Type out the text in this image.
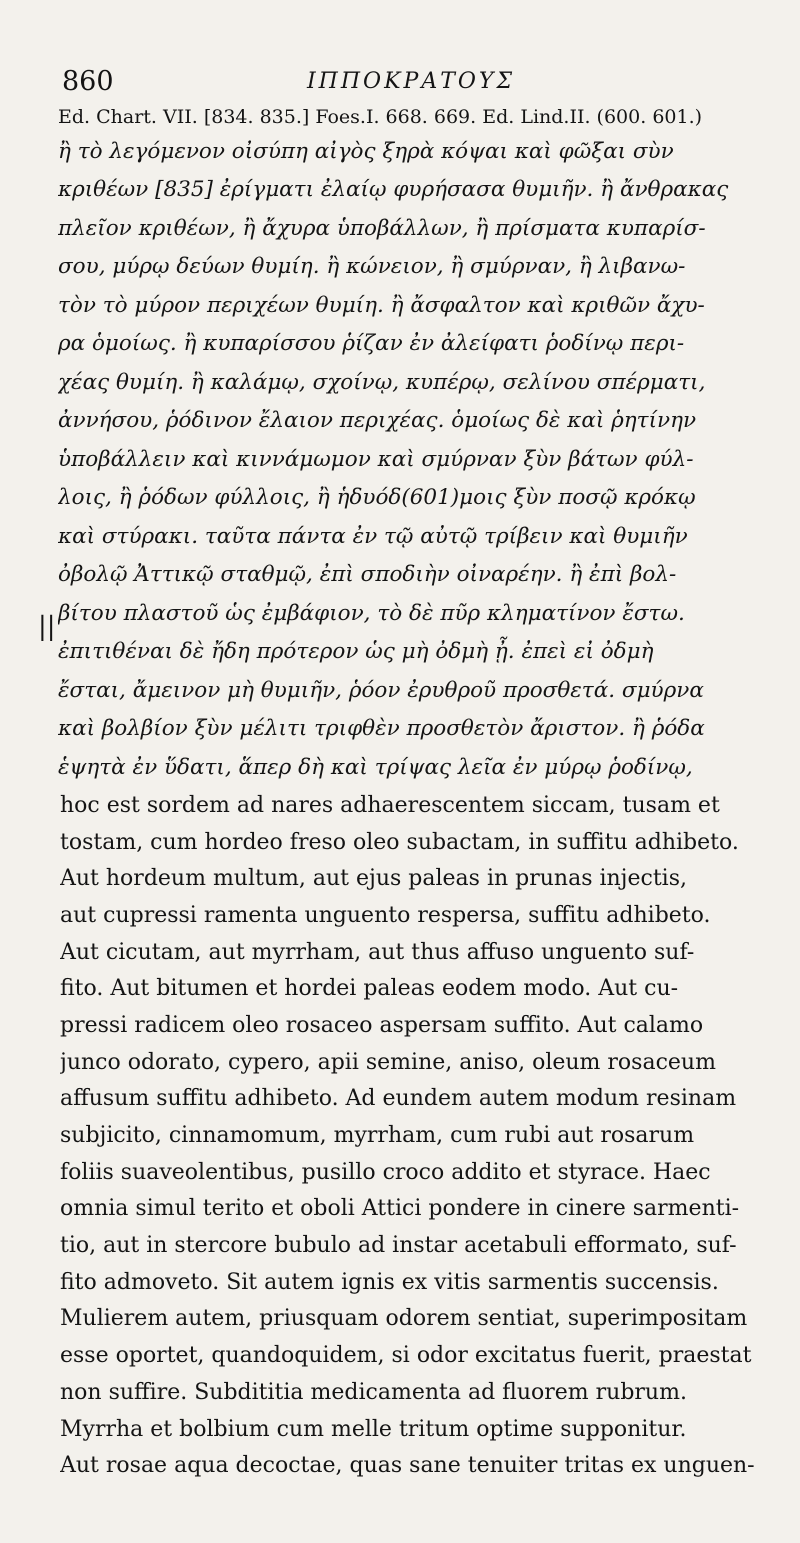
860	ΙΠΠΟΚΡΑΤΟΥΣ
Ed. Chart. VII. [834. 835.] Foes.I. 668. 669. Ed. Lind.II. (600. 601.)
ἢ τὸ λεγόμενον οἰσύπη αἰγὸς ξηρὰ κόψαι καὶ φῶξαι σὺν
κριθέων [835] ἐρίγματι ἐλαίῳ φυρήσασα θυμιῆν. ἢ ἄνθρακας
πλεῖον κριθέων, ἢ ἄχυρα ὑποβάλλων, ἢ πρίσματα κυπαρίσ-
σου, μύρῳ δεύων θυμίη. ἢ κώνειον, ἢ σμύρναν, ἢ λιβανω-
τὸν τὸ μύρον περιχέων θυμίη. ἢ ἄσφαλτον καὶ κριθῶν ἄχυ-
ρα ὁμοίως. ἢ κυπαρίσσου ῥίζαν ἐν ἀλείφατι ῥοδίνῳ περι-
χέας θυμίη. ἢ καλάμῳ, σχοίνῳ, κυπέρῳ, σελίνου σπέρματι,
ἀννήσου, ῥόδινον ἔλαιον περιχέας. ὁμοίως δὲ καὶ ῥητίνην
ὑποβάλλειν καὶ κιννάμωμον καὶ σμύρναν ξὺν βάτων φύλ-
λοις, ἢ ῥόδων φύλλοις, ἢ ἡδυόδ(601)μοις ξὺν ποσῷ κρόκῳ
καὶ στύρακι. ταῦτα πάντα ἐν τῷ αὐτῷ τρίβειν καὶ θυμιῆν
ὀβολῷ Ἀττικῷ σταθμῷ, ἐπὶ σποδιὴν οἰναρέην. ἢ ἐπὶ βολ-
βίτου πλαστοῦ ὡς ἐμβάφιον, τὸ δὲ πῦρ κληματίνον ἔστω.
ἐπιτιθέναι δὲ ἤδη πρότερον ὡς μὴ ὀδμὴ ᾖ. ἐπεὶ εἰ ὀδμὴ
ἔσται, ἄμεινον μὴ θυμιῆν, ῥόον ἐρυθροῦ προσθετά. σμύρνα
καὶ βολβίον ξὺν μέλιτι τριφθὲν προσθετὸν ἄριστον. ἢ ῥόδα
ἑψητὰ ἐν ὕδατι, ἅπερ δὴ καὶ τρίψας λεῖα ἐν μύρῳ ῥοδίνῳ,
||
hoc est sordem ad nares adhaerescentem siccam, tusam et
tostam, cum hordeo freso oleo subactam, in suffitu adhibeto.
Aut hordeum multum, aut ejus paleas in prunas injectis,
aut cupressi ramenta unguento respersa, suffitu adhibeto.
Aut cicutam, aut myrrham, aut thus affuso unguento suf-
fito. Aut bitumen et hordei paleas eodem modo. Aut cu-
pressi radicem oleo rosaceo aspersam suffito. Aut calamo
junco odorato, cypero, apii semine, aniso, oleum rosaceum
affusum suffitu adhibeto. Ad eundem autem modum resinam
subjicito, cinnamomum, myrrham, cum rubi aut rosarum
foliis suaveolentibus, pusillo croco addito et styrace. Haec
omnia simul terito et oboli Attici pondere in cinere sarmenti-
tio, aut in stercore bubulo ad instar acetabuli efformato, suf-
fito admoveto. Sit autem ignis ex vitis sarmentis succensis.
Mulierem autem, priusquam odorem sentiat, superimpositam
esse oportet, quandoquidem, si odor excitatus fuerit, praestat
non suffire. Subdititia medicamenta ad fluorem rubrum.
Myrrha et bolbium cum melle tritum optime supponitur.
Aut rosae aqua decoctae, quas sane tenuiter tritas ex unguen-
